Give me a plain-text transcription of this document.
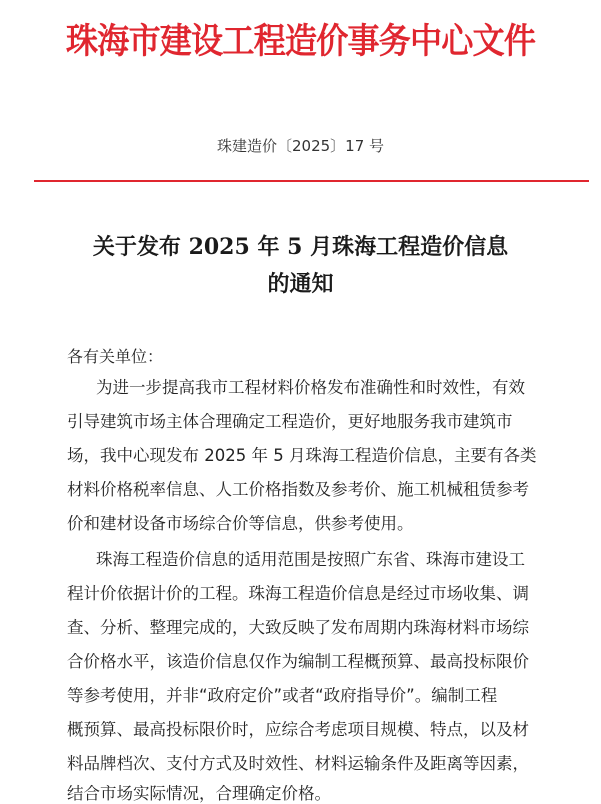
珠海市建设工程造价事务中心文件
珠建造价〔2025〕17 号
关于发布 2025 年 5 月珠海工程造价信息
的通知
各有关单位：
为进一步提高我市工程材料价格发布准确性和时效性，有效
引导建筑市场主体合理确定工程造价，更好地服务我市建筑市
场，我中心现发布 2025 年 5 月珠海工程造价信息，主要有各类
材料价格税率信息、人工价格指数及参考价、施工机械租赁参考
价和建材设备市场综合价等信息，供参考使用。
珠海工程造价信息的适用范围是按照广东省、珠海市建设工
程计价依据计价的工程。珠海工程造价信息是经过市场收集、调
查、分析、整理完成的，大致反映了发布周期内珠海材料市场综
合价格水平，该造价信息仅作为编制工程概预算、最高投标限价
等参考使用，并非“政府定价”或者“政府指导价”。编制工程
概预算、最高投标限价时，应综合考虑项目规模、特点，以及材
料品牌档次、支付方式及时效性、材料运输条件及距离等因素，
结合市场实际情况，合理确定价格。
